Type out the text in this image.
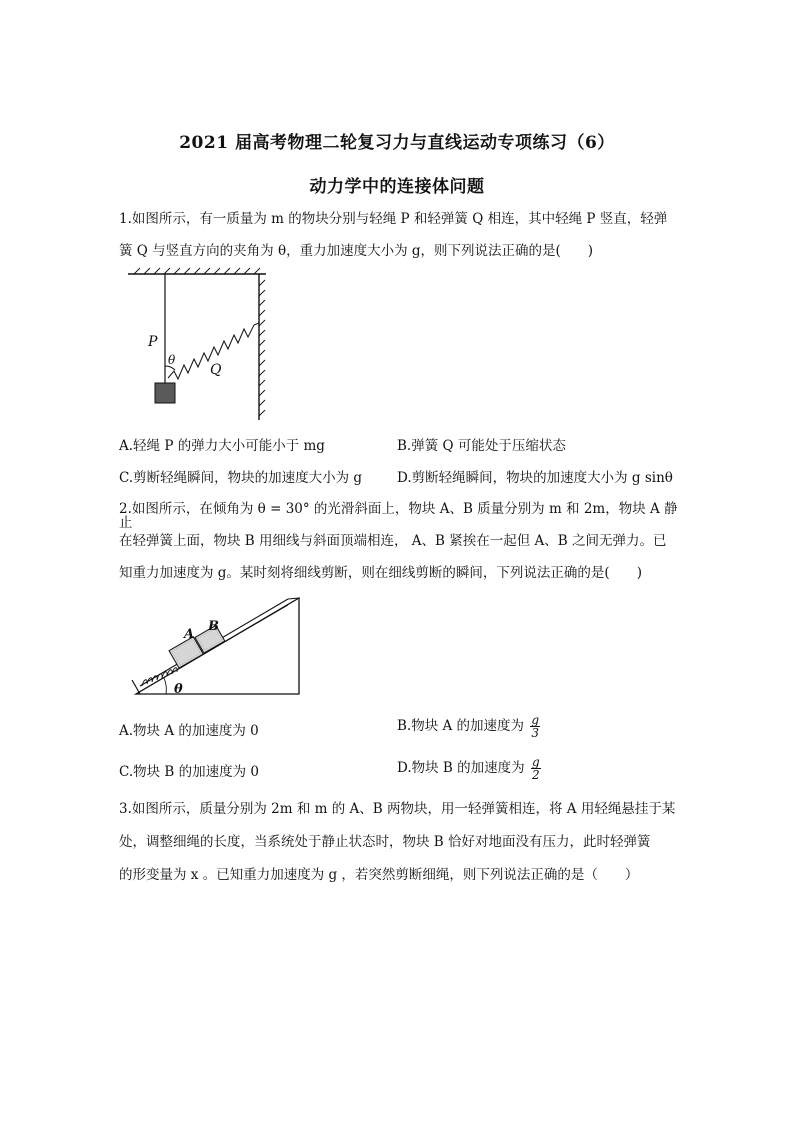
2021 届高考物理二轮复习力与直线运动专项练习（6）
动力学中的连接体问题
1.如图所示，有一质量为 m 的物块分别与轻绳 P 和轻弹簧 Q 相连，其中轻绳 P 竖直，轻弹
簧 Q 与竖直方向的夹角为 θ，重力加速度大小为 g，则下列说法正确的是(　　)
P
θ
Q
A.轻绳 P 的弹力大小可能小于 mg	B.弹簧 Q 可能处于压缩状态
C.剪断轻绳瞬间，物块的加速度大小为 g	D.剪断轻绳瞬间，物块的加速度大小为 g sinθ
2.如图所示，在倾角为 θ = 30° 的光滑斜面上，物块 A、B 质量分别为 m 和 2m，物块 A 静止
在轻弹簧上面，物块 B 用细线与斜面顶端相连， A、B 紧挨在一起但 A、B 之间无弹力。已
知重力加速度为 g。某时刻将细线剪断，则在细线剪断的瞬间，下列说法正确的是(　　)
A
B
θ
A.物块 A 的加速度为 0	B.物块 A 的加速度为 $\frac{g}{3}$
C.物块 B 的加速度为 0	D.物块 B 的加速度为 $\frac{g}{2}$
3.如图所示，质量分别为 2m 和 m 的 A、B 两物块，用一轻弹簧相连，将 A 用轻绳悬挂于某
处，调整细绳的长度，当系统处于静止状态时，物块 B 恰好对地面没有压力，此时轻弹簧
的形变量为 x 。已知重力加速度为 g ，若突然剪断细绳，则下列说法正确的是（　　）
